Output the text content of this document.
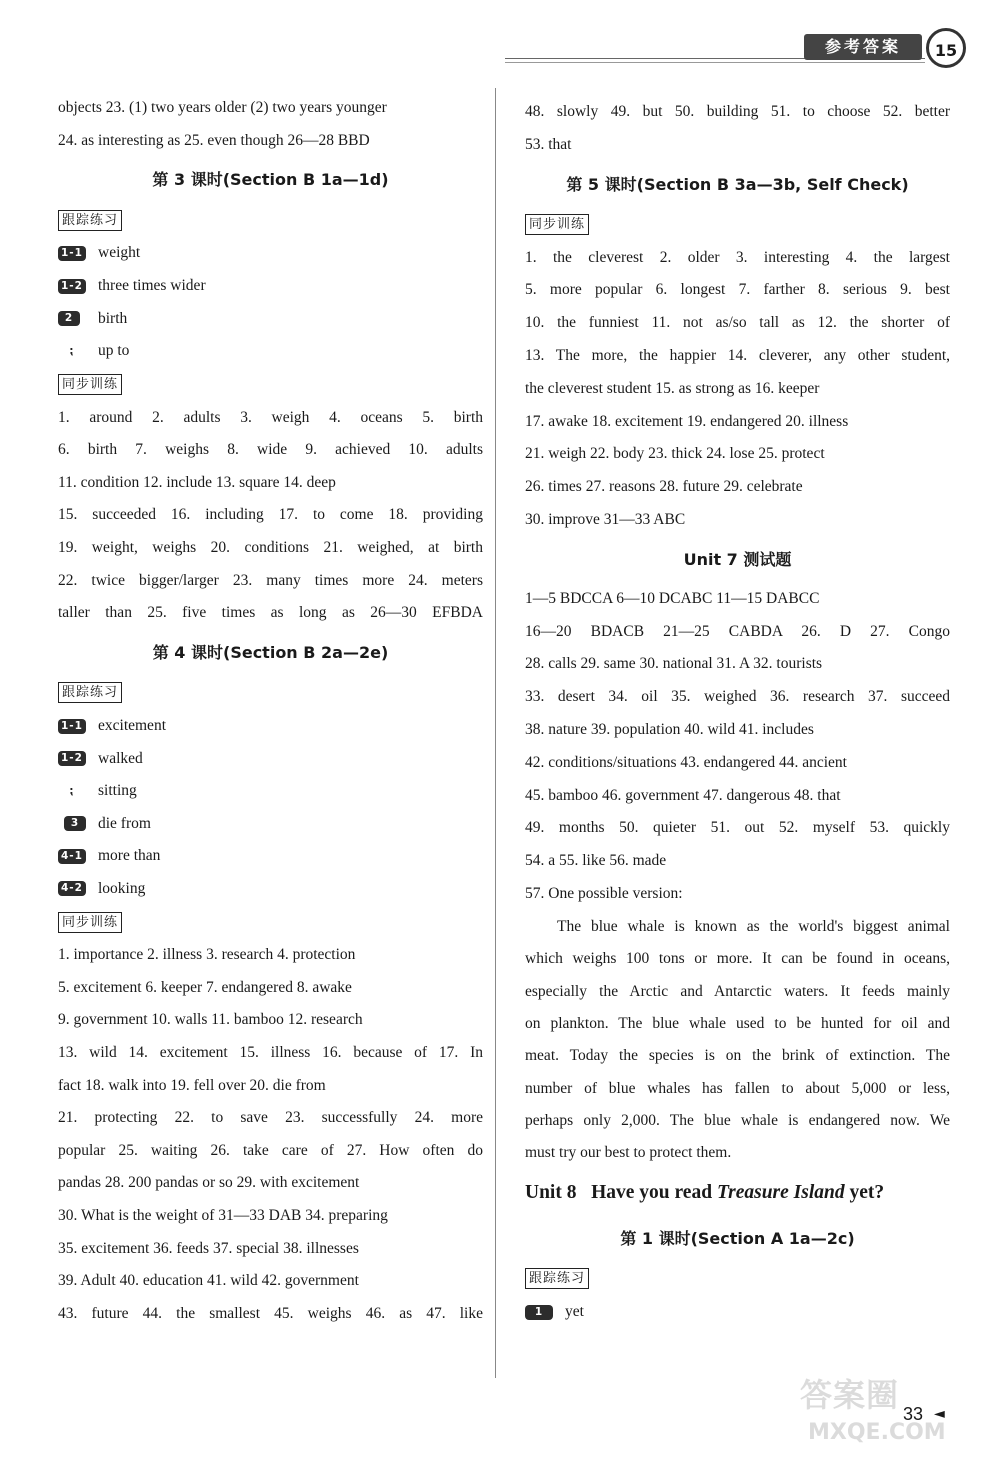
参考答案	15
objects 23. (1) two years older (2) two years younger
24. as interesting as 25. even though 26—28 BBD
第 3 课时(Section B 1a—1d)
跟踪练习
1-1 weight
1-2 three times wider
2	birth
⁏	up to
同步训练
1. around 2. adults 3. weigh 4. oceans 5. birth
6. birth 7. weighs 8. wide 9. achieved 10. adults
11. condition 12. include 13. square 14. deep
15. succeeded 16. including 17. to come 18. providing
19. weight, weighs 20. conditions 21. weighed, at birth
22. twice bigger/larger 23. many times more 24. meters
taller than 25. five times as long as 26—30 EFBDA
第 4 课时(Section B 2a—2e)
跟踪练习
1-1 excitement
1-2 walked
⁏	sitting
3	die from
4-1 more than
4-2 looking
同步训练
1. importance 2. illness 3. research 4. protection
5. excitement 6. keeper 7. endangered 8. awake
9. government 10. walls 11. bamboo 12. research
13. wild 14. excitement 15. illness 16. because of 17. In
fact 18. walk into 19. fell over 20. die from
21. protecting 22. to save 23. successfully 24. more
popular 25. waiting 26. take care of 27. How often do
pandas 28. 200 pandas or so 29. with excitement
30. What is the weight of 31—33 DAB 34. preparing
35. excitement 36. feeds 37. special 38. illnesses
39. Adult 40. education 41. wild 42. government
43. future 44. the smallest 45. weighs 46. as 47. like
48. slowly 49. but 50. building 51. to choose 52. better
53. that
第 5 课时(Section B 3a—3b, Self Check)
同步训练
1. the cleverest 2. older 3. interesting 4. the largest
5. more popular 6. longest 7. farther 8. serious 9. best
10. the funniest 11. not as/so tall as 12. the shorter of
13. The more, the happier 14. cleverer, any other student,
the cleverest student 15. as strong as 16. keeper
17. awake 18. excitement 19. endangered 20. illness
21. weigh 22. body 23. thick 24. lose 25. protect
26. times 27. reasons 28. future 29. celebrate
30. improve 31—33 ABC
Unit 7 测试题
1—5 BDCCA 6—10 DCABC 11—15 DABCC
16—20 BDACB 21—25 CABDA 26. D 27. Congo
28. calls 29. same 30. national 31. A 32. tourists
33. desert 34. oil 35. weighed 36. research 37. succeed
38. nature 39. population 40. wild 41. includes
42. conditions/situations 43. endangered 44. ancient
45. bamboo 46. government 47. dangerous 48. that
49. months 50. quieter 51. out 52. myself 53. quickly
54. a 55. like 56. made
57. One possible version:
The blue whale is known as the world's biggest animal
which weighs 100 tons or more. It can be found in oceans,
especially the Arctic and Antarctic waters. It feeds mainly
on plankton. The blue whale used to be hunted for oil and
meat. Today the species is on the brink of extinction. The
number of blue whales has fallen to about 5,000 or less,
perhaps only 2,000. The blue whale is endangered now. We
must try our best to protect them.
Unit 8   Have you read Treasure Island yet?
第 1 课时(Section A 1a—2c)
跟踪练习
1	yet
答案圈
MXQE.COM
33 ◄
